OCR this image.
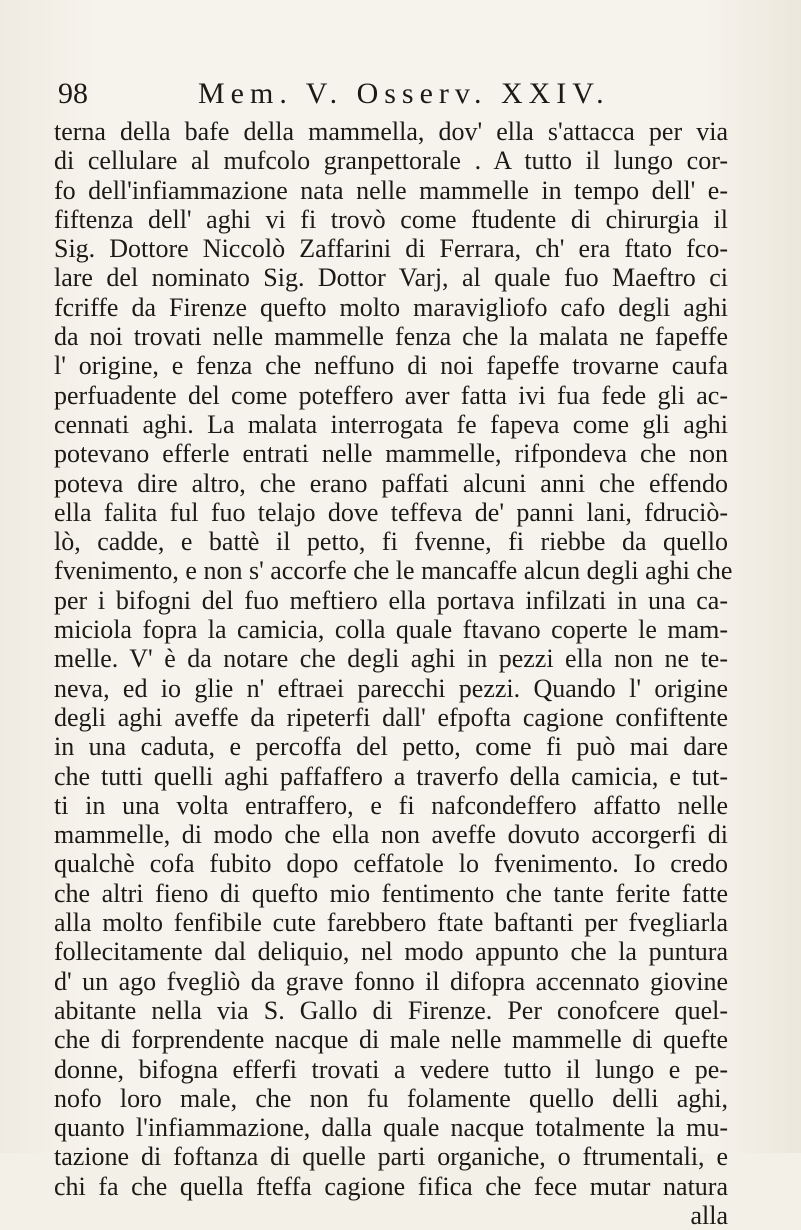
98	Mem. V. Osserv. XXIV.
terna della bafe della mammella, dov' ella s'attacca per via
di cellulare al mufcolo granpettorale . A tutto il lungo cor-
fo dell'infiammazione nata nelle mammelle in tempo dell' e-
fiftenza dell' aghi vi fi trovò come ftudente di chirurgia il
Sig. Dottore Niccolò Zaffarini di Ferrara, ch' era ftato fco-
lare del nominato Sig. Dottor Varj, al quale fuo Maeftro ci
fcriffe da Firenze quefto molto maravigliofo cafo degli aghi
da noi trovati nelle mammelle fenza che la malata ne fapeffe
l' origine, e fenza che neffuno di noi fapeffe trovarne caufa
perfuadente del come poteffero aver fatta ivi fua fede gli ac-
cennati aghi. La malata interrogata fe fapeva come gli aghi
potevano efferle entrati nelle mammelle, rifpondeva che non
poteva dire altro, che erano paffati alcuni anni che effendo
ella falita ful fuo telajo dove teffeva de' panni lani, fdruciò-
lò, cadde, e battè il petto, fi fvenne, fi riebbe da quello
fvenimento, e non s' accorfe che le mancaffe alcun degli aghi che
per i bifogni del fuo meftiero ella portava infilzati in una ca-
miciola fopra la camicia, colla quale ftavano coperte le mam-
melle. V' è da notare che degli aghi in pezzi ella non ne te-
neva, ed io glie n' eftraei parecchi pezzi. Quando l' origine
degli aghi aveffe da ripeterfi dall' efpofta cagione confiftente
in una caduta, e percoffa del petto, come fi può mai dare
che tutti quelli aghi paffaffero a traverfo della camicia, e tut-
ti in una volta entraffero, e fi nafcondeffero affatto nelle
mammelle, di modo che ella non aveffe dovuto accorgerfi di
qualchè cofa fubito dopo ceffatole lo fvenimento. Io credo
che altri fieno di quefto mio fentimento che tante ferite fatte
alla molto fenfibile cute farebbero ftate baftanti per fvegliarla
follecitamente dal deliquio, nel modo appunto che la puntura
d' un ago fvegliò da grave fonno il difopra accennato giovine
abitante nella via S. Gallo di Firenze. Per conofcere quel-
che di forprendente nacque di male nelle mammelle di quefte
donne, bifogna efferfi trovati a vedere tutto il lungo e pe-
nofo loro male, che non fu folamente quello delli aghi,
quanto l'infiammazione, dalla quale nacque totalmente la mu-
tazione di foftanza di quelle parti organiche, o ftrumentali, e
chi fa che quella fteffa cagione fifica che fece mutar natura
alla
